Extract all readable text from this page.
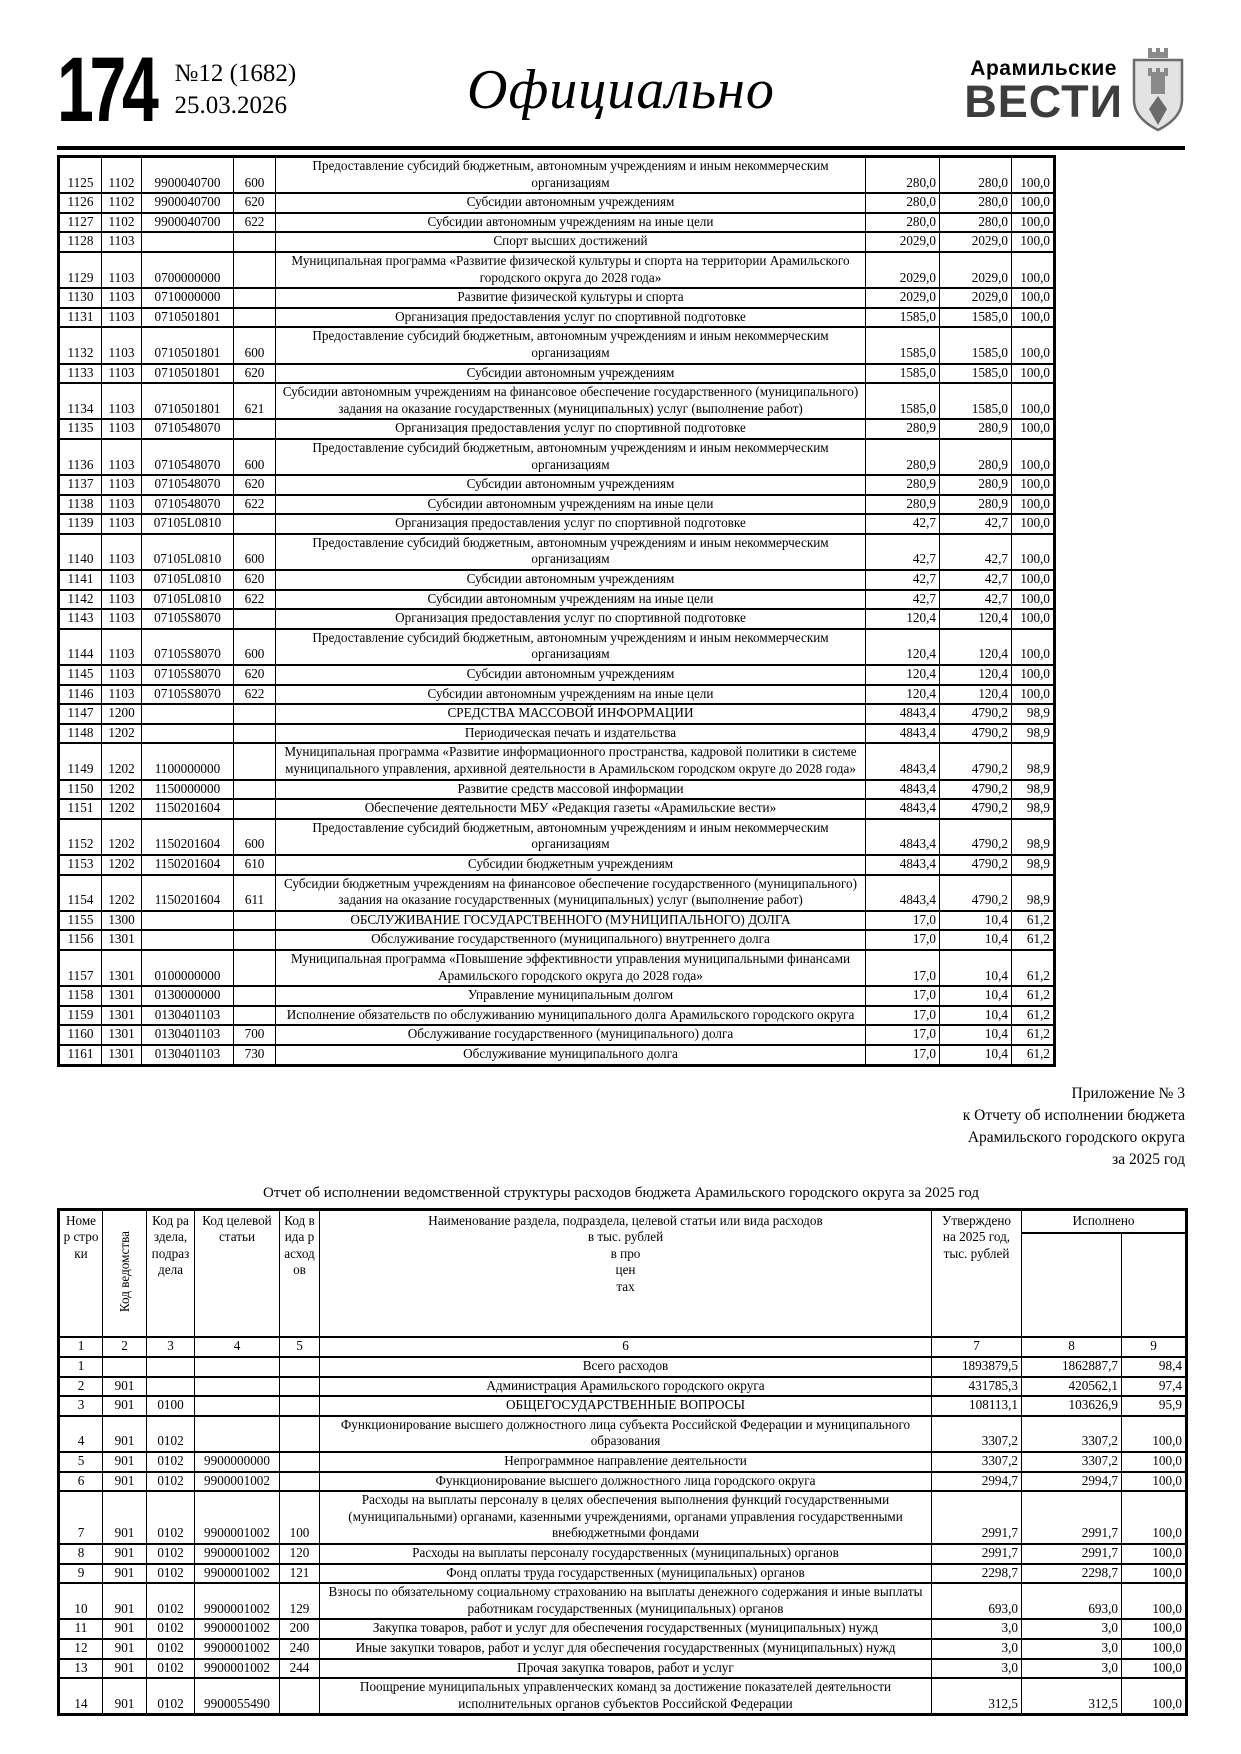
174 №12 (1682)
25.03.2026	Официально	Арамильские
ВЕСТИ
1125	1102	9900040700	600	Предоставление субсидий бюджетным, автономным учреждениям и иным некоммерческим организациям	280,0	280,0	100,0
1126	1102	9900040700	620	Субсидии автономным учреждениям	280,0	280,0	100,0
1127	1102	9900040700	622	Субсидии автономным учреждениям на иные цели	280,0	280,0	100,0
1128	1103			Спорт высших достижений	2029,0	2029,0	100,0
1129	1103	0700000000		Муниципальная программа «Развитие физической культуры и спорта на территории Арамильского городского округа до 2028 года»	2029,0	2029,0	100,0
1130	1103	0710000000		Развитие физической культуры и спорта	2029,0	2029,0	100,0
1131	1103	0710501801		Организация предоставления услуг по спортивной подготовке	1585,0	1585,0	100,0
1132	1103	0710501801	600	Предоставление субсидий бюджетным, автономным учреждениям и иным некоммерческим организациям	1585,0	1585,0	100,0
1133	1103	0710501801	620	Субсидии автономным учреждениям	1585,0	1585,0	100,0
1134	1103	0710501801	621	Субсидии автономным учреждениям на финансовое обеспечение государственного (муниципального) задания на оказание государственных (муниципальных) услуг (выполнение работ)	1585,0	1585,0	100,0
1135	1103	0710548070		Организация предоставления услуг по спортивной подготовке	280,9	280,9	100,0
1136	1103	0710548070	600	Предоставление субсидий бюджетным, автономным учреждениям и иным некоммерческим организациям	280,9	280,9	100,0
1137	1103	0710548070	620	Субсидии автономным учреждениям	280,9	280,9	100,0
1138	1103	0710548070	622	Субсидии автономным учреждениям на иные цели	280,9	280,9	100,0
1139	1103	07105L0810		Организация предоставления услуг по спортивной подготовке	42,7	42,7	100,0
1140	1103	07105L0810	600	Предоставление субсидий бюджетным, автономным учреждениям и иным некоммерческим организациям	42,7	42,7	100,0
1141	1103	07105L0810	620	Субсидии автономным учреждениям	42,7	42,7	100,0
1142	1103	07105L0810	622	Субсидии автономным учреждениям на иные цели	42,7	42,7	100,0
1143	1103	07105S8070		Организация предоставления услуг по спортивной подготовке	120,4	120,4	100,0
1144	1103	07105S8070	600	Предоставление субсидий бюджетным, автономным учреждениям и иным некоммерческим организациям	120,4	120,4	100,0
1145	1103	07105S8070	620	Субсидии автономным учреждениям	120,4	120,4	100,0
1146	1103	07105S8070	622	Субсидии автономным учреждениям на иные цели	120,4	120,4	100,0
1147	1200			СРЕДСТВА МАССОВОЙ ИНФОРМАЦИИ	4843,4	4790,2	98,9
1148	1202			Периодическая печать и издательства	4843,4	4790,2	98,9
1149	1202	1100000000		Муниципальная программа «Развитие информационного пространства, кадровой политики в системе муниципального управления, архивной деятельности в Арамильском городском округе до 2028 года»	4843,4	4790,2	98,9
1150	1202	1150000000		Развитие средств массовой информации	4843,4	4790,2	98,9
1151	1202	1150201604		Обеспечение деятельности МБУ «Редакция газеты «Арамильские вести»	4843,4	4790,2	98,9
1152	1202	1150201604	600	Предоставление субсидий бюджетным, автономным учреждениям и иным некоммерческим организациям	4843,4	4790,2	98,9
1153	1202	1150201604	610	Субсидии бюджетным учреждениям	4843,4	4790,2	98,9
1154	1202	1150201604	611	Субсидии бюджетным учреждениям на финансовое обеспечение государственного (муниципального) задания на оказание государственных (муниципальных) услуг (выполнение работ)	4843,4	4790,2	98,9
1155	1300			ОБСЛУЖИВАНИЕ ГОСУДАРСТВЕННОГО (МУНИЦИПАЛЬНОГО) ДОЛГА	17,0	10,4	61,2
1156	1301			Обслуживание государственного (муниципального) внутреннего долга	17,0	10,4	61,2
1157	1301	0100000000		Муниципальная программа «Повышение эффективности управления муниципальными финансами Арамильского городского округа до 2028 года»	17,0	10,4	61,2
1158	1301	0130000000		Управление муниципальным долгом	17,0	10,4	61,2
1159	1301	0130401103		Исполнение обязательств по обслуживанию муниципального долга Арамильского городского округа	17,0	10,4	61,2
1160	1301	0130401103	700	Обслуживание государственного (муниципального) долга	17,0	10,4	61,2
1161	1301	0130401103	730	Обслуживание муниципального долга	17,0	10,4	61,2
Приложение № 3
к Отчету об исполнении бюджета
Арамильского городского округа
за 2025 год
Отчет об исполнении ведомственной структуры расходов бюджета Арамильского городского округа за 2025 год
Номер строки	Код ведомства	Код раздела, подраздела	Код целевой статьи	Код вида расходов	Наименование раздела, подраздела, целевой статьи или вида расходов
в тыс. рублей
в про
цен
тах	Утверждено на 2025 год, тыс. рублей	Исполнено	

1	2	3	4	5	6	7	8	9
1					Всего расходов	1893879,5	1862887,7	98,4
2	901				Администрация Арамильского городского округа	431785,3	420562,1	97,4
3	901	0100			ОБЩЕГОСУДАРСТВЕННЫЕ ВОПРОСЫ	108113,1	103626,9	95,9
4	901	0102			Функционирование высшего должностного лица субъекта Российской Федерации и муниципального образования	3307,2	3307,2	100,0
5	901	0102	9900000000		Непрограммное направление деятельности	3307,2	3307,2	100,0
6	901	0102	9900001002		Функционирование высшего должностного лица городского округа	2994,7	2994,7	100,0
7	901	0102	9900001002	100	Расходы на выплаты персоналу в целях обеспечения выполнения функций государственными (муниципальными) органами, казенными учреждениями, органами управления государственными внебюджетными фондами	2991,7	2991,7	100,0
8	901	0102	9900001002	120	Расходы на выплаты персоналу государственных (муниципальных) органов	2991,7	2991,7	100,0
9	901	0102	9900001002	121	Фонд оплаты труда государственных (муниципальных) органов	2298,7	2298,7	100,0
10	901	0102	9900001002	129	Взносы по обязательному социальному страхованию на выплаты денежного содержания и иные выплаты работникам государственных (муниципальных) органов	693,0	693,0	100,0
11	901	0102	9900001002	200	Закупка товаров, работ и услуг для обеспечения государственных (муниципальных) нужд	3,0	3,0	100,0
12	901	0102	9900001002	240	Иные закупки товаров, работ и услуг для обеспечения государственных (муниципальных) нужд	3,0	3,0	100,0
13	901	0102	9900001002	244	Прочая закупка товаров, работ и услуг	3,0	3,0	100,0
14	901	0102	9900055490		Поощрение муниципальных управленческих команд за достижение показателей деятельности исполнительных органов субъектов Российской Федерации	312,5	312,5	100,0
